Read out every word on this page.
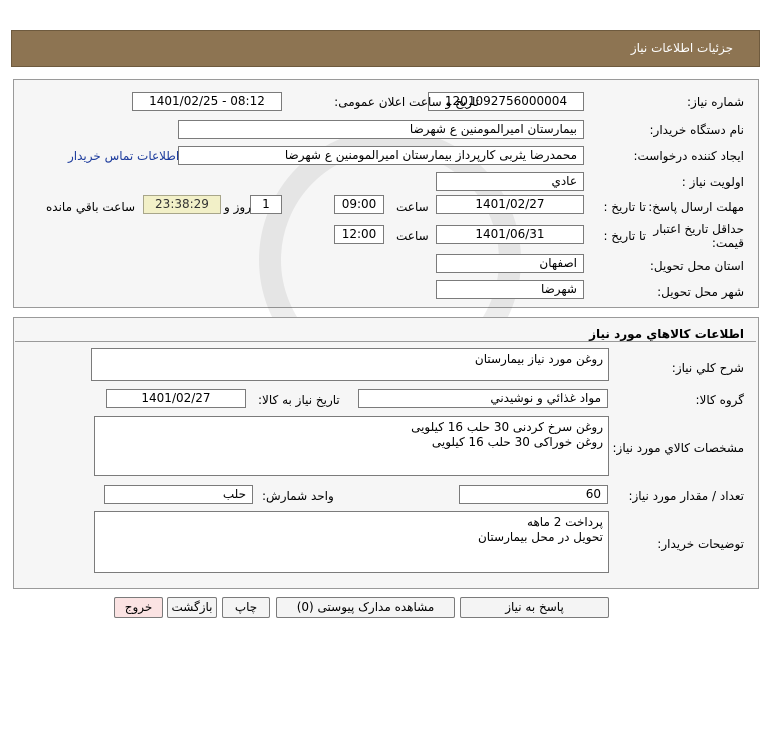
جزئیات اطلاعات نیاز
شماره نیاز:
1201092756000004
تاریخ و ساعت اعلان عمومی:
1401/02/25 - 08:12
نام دستگاه خریدار:
بیمارستان امیرالمومنین ع شهرضا
ایجاد کننده درخواست:
محمدرضا یثربی کارپرداز بیمارستان امیرالمومنین ع شهرضا
اطلاعات تماس خریدار
اولویت نیاز :
عادي
مهلت ارسال پاسخ:
تا تاریخ :
1401/02/27
ساعت
09:00
1
روز و
23:38:29
ساعت باقي مانده
حداقل تاریخ اعتبار
قیمت:
تا تاریخ :
1401/06/31
ساعت
12:00
استان محل تحویل:
اصفهان
شهر محل تحویل:
شهرضا
اطلاعات کالاهاي مورد نياز
شرح کلي نياز:
روغن مورد نیاز بیمارستان
گروه کالا:
مواد غذائي و نوشيدني
تاریخ نیاز به کالا:
1401/02/27
مشخصات کالاي مورد نياز:
روغن سرخ کردنی 30 حلب 16 کیلویی
روغن خوراکی 30 حلب 16 کیلویی
تعداد / مقدار مورد نیاز:
60
واحد شمارش:
حلب
توضیحات خریدار:
پرداخت 2 ماهه
تحویل در محل بیمارستان
پاسخ به نیاز
مشاهده مدارک پیوستی (0)
چاپ
بازگشت
خروج
